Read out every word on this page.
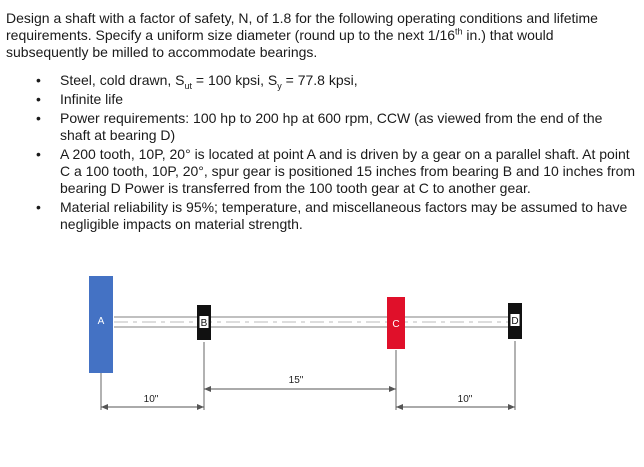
Design a shaft with a factor of safety, N, of 1.8 for the following operating conditions and lifetime requirements. Specify a uniform size diameter (round up to the next 1/16th in.) that would subsequently be milled to accommodate bearings.

• Steel, cold drawn, $S_{ut} = 100$ kpsi, $S_y = 77.8$ kpsi,
• Infinite life
• Power requirements: 100 hp to 200 hp at 600 rpm, CCW (as viewed from the end of the shaft at bearing D)
• A 200 tooth, 10P, 20° is located at point A and is driven by a gear on a parallel shaft. At point C a 100 tooth, 10P, 20°, spur gear is positioned 15 inches from bearing B and 10 inches from bearing D Power is transferred from the 100 tooth gear at C to another gear.
• Material reliability is 95%; temperature, and miscellaneous factors may be assumed to have negligible impacts on material strength.
A	B	C	D
10"
15"
10"
